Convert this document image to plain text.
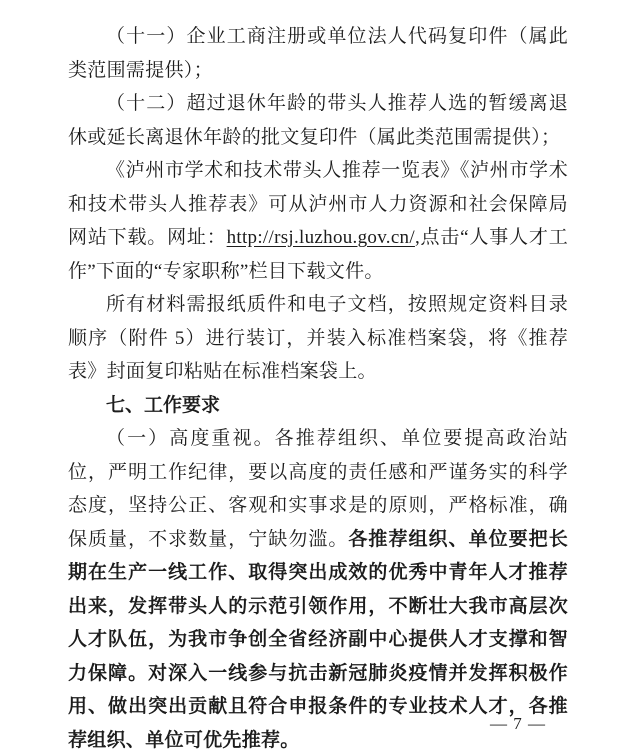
（十一）企业工商注册或单位法人代码复印件（属此类范围需提供）；

（十二）超过退休年龄的带头人推荐人选的暂缓离退休或延长离退休年龄的批文复印件（属此类范围需提供）；

《泸州市学术和技术带头人推荐一览表》《泸州市学术和技术带头人推荐表》可从泸州市人力资源和社会保障局网站下载。网址：http://rsj.luzhou.gov.cn/,点击“人事人才工作”下面的“专家职称”栏目下载文件。

所有材料需报纸质件和电子文档，按照规定资料目录顺序（附件 5）进行装订，并装入标准档案袋，将《推荐表》封面复印粘贴在标准档案袋上。

七、工作要求

（一）高度重视。各推荐组织、单位要提高政治站位，严明工作纪律，要以高度的责任感和严谨务实的科学态度，坚持公正、客观和实事求是的原则，严格标准，确保质量，不求数量，宁缺勿滥。各推荐组织、单位要把长期在生产一线工作、取得突出成效的优秀中青年人才推荐出来，发挥带头人的示范引领作用，不断壮大我市高层次人才队伍，为我市争创全省经济副中心提供人才支撑和智力保障。对深入一线参与抗击新冠肺炎疫情并发挥积极作用、做出突出贡献且符合申报条件的专业技术人才，各推荐组织、单位可优先推荐。

— 7 —
